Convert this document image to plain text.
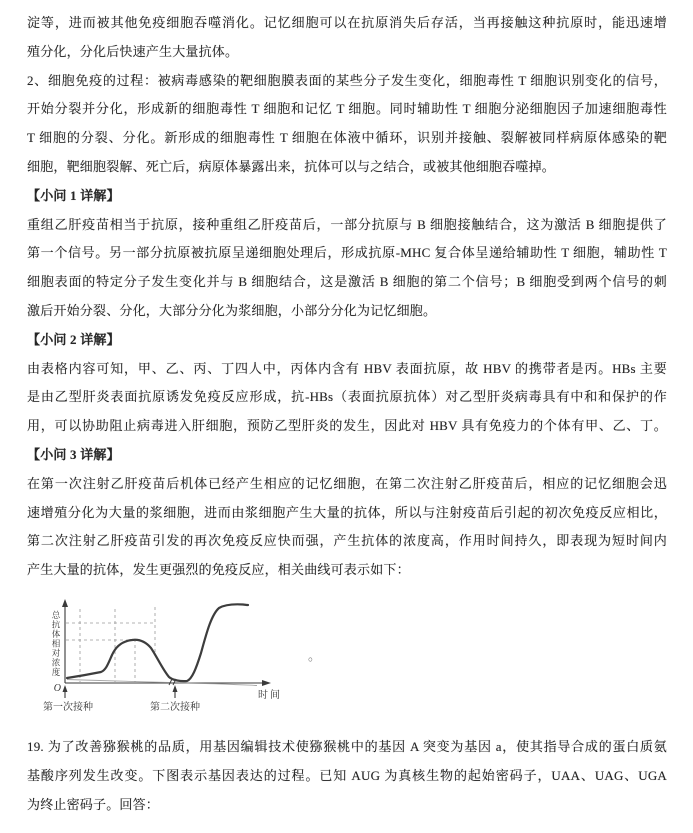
淀等，进而被其他免疫细胞吞噬消化。记忆细胞可以在抗原消失后存活，当再接触这种抗原时，能迅速增
殖分化，分化后快速产生大量抗体。
2、细胞免疫的过程：被病毒感染的靶细胞膜表面的某些分子发生变化，细胞毒性 T 细胞识别变化的信号，
开始分裂并分化，形成新的细胞毒性 T 细胞和记忆 T 细胞。同时辅助性 T 细胞分泌细胞因子加速细胞毒性
T 细胞的分裂、分化。新形成的细胞毒性 T 细胞在体液中循环，识别并接触、裂解被同样病原体感染的靶
细胞，靶细胞裂解、死亡后，病原体暴露出来，抗体可以与之结合，或被其他细胞吞噬掉。
【小问 1 详解】
重组乙肝疫苗相当于抗原，接种重组乙肝疫苗后，一部分抗原与 B 细胞接触结合，这为激活 B 细胞提供了
第一个信号。另一部分抗原被抗原呈递细胞处理后，形成抗原-MHC 复合体呈递给辅助性 T 细胞，辅助性 T
细胞表面的特定分子发生变化并与 B 细胞结合，这是激活 B 细胞的第二个信号；B 细胞受到两个信号的刺
激后开始分裂、分化，大部分分化为浆细胞，小部分分化为记忆细胞。
【小问 2 详解】
由表格内容可知，甲、乙、丙、丁四人中，丙体内含有 HBV 表面抗原，故 HBV 的携带者是丙。HBs 主要
是由乙型肝炎表面抗原诱发免疫反应形成，抗-HBs（表面抗原抗体）对乙型肝炎病毒具有中和和保护的作
用，可以协助阻止病毒进入肝细胞，预防乙型肝炎的发生，因此对 HBV 具有免疫力的个体有甲、乙、丁。
【小问 3 详解】
在第一次注射乙肝疫苗后机体已经产生相应的记忆细胞，在第二次注射乙肝疫苗后，相应的记忆细胞会迅
速增殖分化为大量的浆细胞，进而由浆细胞产生大量的抗体，所以与注射疫苗后引起的初次免疫反应相比，
第二次注射乙肝疫苗引发的再次免疫反应快而强，产生抗体的浓度高，作用时间持久，即表现为短时间内
产生大量的抗体，发生更强烈的免疫反应，相关曲线可表示如下：
总抗体相对浓度
O
第一次接种	第二次接种
时间
。
19. 为了改善猕猴桃的品质，用基因编辑技术使猕猴桃中的基因 A 突变为基因 a，使其指导合成的蛋白质氨
基酸序列发生改变。下图表示基因表达的过程。已知 AUG 为真核生物的起始密码子，UAA、UAG、UGA
为终止密码子。回答：
